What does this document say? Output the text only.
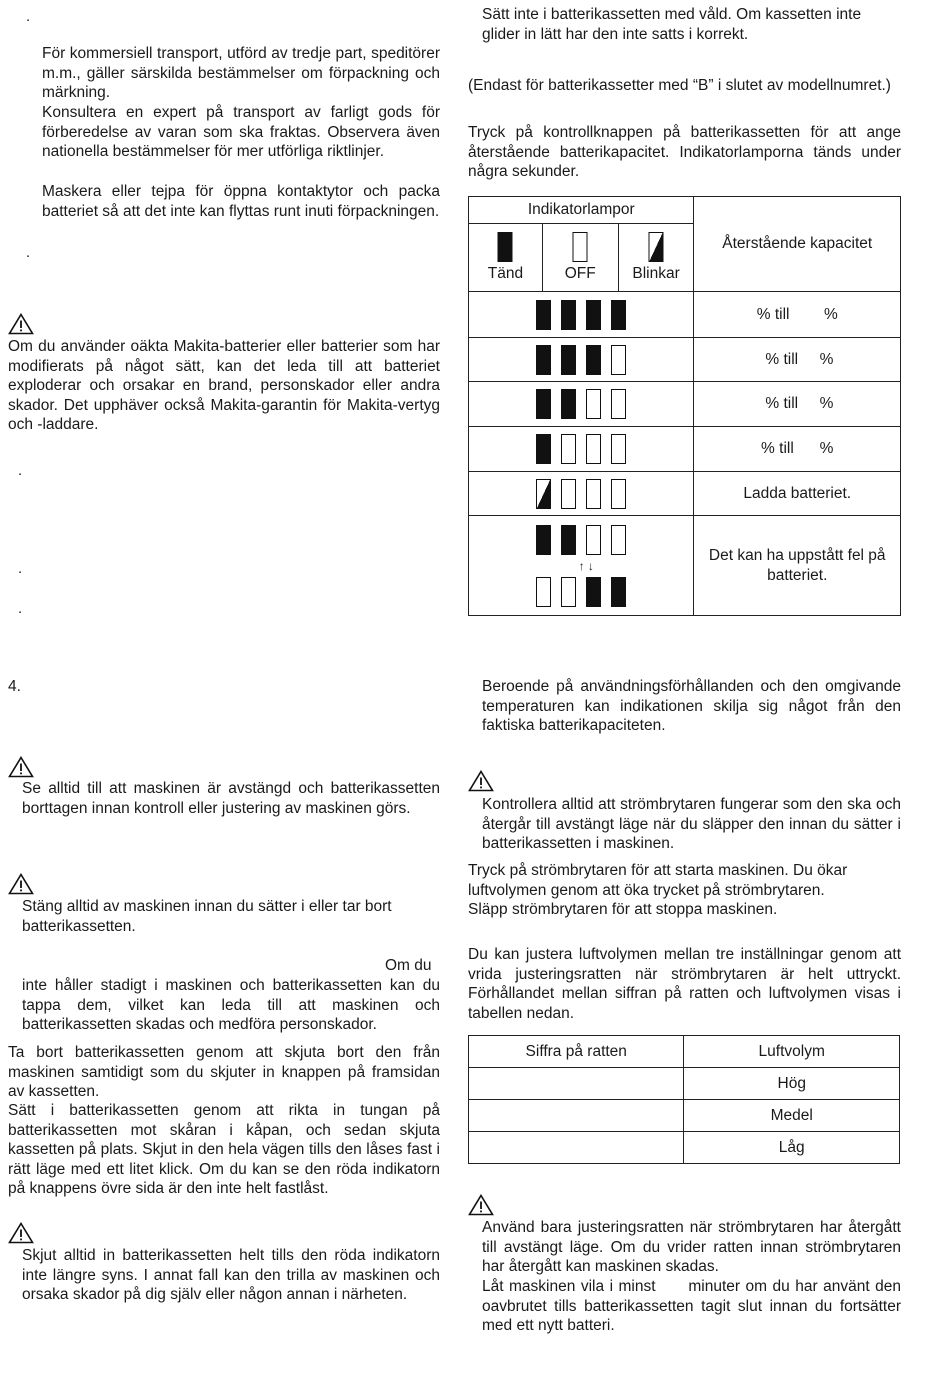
.
För kommersiell transport, utförd av tredje part, speditörer m.m., gäller särskilda bestämmelser om förpackning och märkning.
Konsultera en expert på transport av farligt gods för förberedelse av varan som ska fraktas. Observera även nationella bestämmelser för mer utförliga riktlinjer.
Maskera eller tejpa för öppna kontaktytor och packa batteriet så att det inte kan flyttas runt inuti förpackningen.
.
Om du använder oäkta Makita-batterier eller batterier som har modifierats på något sätt, kan det leda till att batteriet exploderar och orsakar en brand, personskador eller andra skador. Det upphäver också Makita-garantin för Makita-vertyg och -laddare.
.
.
.
4.
Se alltid till att maskinen är avstängd och batterikassetten borttagen innan kontroll eller justering av maskinen görs.
Stäng alltid av maskinen innan du sätter i eller tar bort batterikassetten.
Om du
inte håller stadigt i maskinen och batterikassetten kan du tappa dem, vilket kan leda till att maskinen och batterikassetten skadas och medföra personskador.
Ta bort batterikassetten genom att skjuta bort den från maskinen samtidigt som du skjuter in knappen på framsidan av kassetten.
Sätt i batterikassetten genom att rikta in tungan på batterikassetten mot skåran i kåpan, och sedan skjuta kassetten på plats. Skjut in den hela vägen tills den låses fast i rätt läge med ett litet klick. Om du kan se den röda indikatorn på knappens övre sida är den inte helt fastlåst.
Skjut alltid in batterikassetten helt tills den röda indikatorn inte längre syns. I annat fall kan den trilla av maskinen och orsaka skador på dig själv eller någon annan i närheten.
Sätt inte i batterikassetten med våld. Om kassetten inte glider in lätt har den inte satts i korrekt.
(Endast för batterikassetter med “B” i slutet av modellnumret.)
Tryck på kontrollknappen på batterikassetten för att ange återstående batterikapacitet. Indikatorlamporna tänds under några sekunder.
Indikatorlampor			Återstående kapacitet

Tänd	OFF	Blinkar	

			% till %

			% till %

			% till %

			% till %

			Ladda batteriet.

↑ ↓			Det kan ha uppstått fel på batteriet.
Beroende på användningsförhållanden och den omgivande temperaturen kan indikationen skilja sig något från den faktiska batterikapaciteten.
Kontrollera alltid att strömbrytaren fungerar som den ska och återgår till avstängt läge när du släpper den innan du sätter i batterikassetten i maskinen.
Tryck på strömbrytaren för att starta maskinen. Du ökar luftvolymen genom att öka trycket på strömbrytaren.
Släpp strömbrytaren för att stoppa maskinen.
Du kan justera luftvolymen mellan tre inställningar genom att vrida justeringsratten när strömbrytaren är helt uttryckt. Förhållandet mellan siffran på ratten och luftvolymen visas i tabellen nedan.
Siffra på ratten	Luftvolym
	Hög
	Medel
	Låg
Använd bara justeringsratten när strömbrytaren har återgått till avstängt läge. Om du vrider ratten innan strömbrytaren har återgått kan maskinen skadas.
Låt maskinen vila i minst      minuter om du har använt den oavbrutet tills batterikassetten tagit slut innan du fortsätter med ett nytt batteri.
